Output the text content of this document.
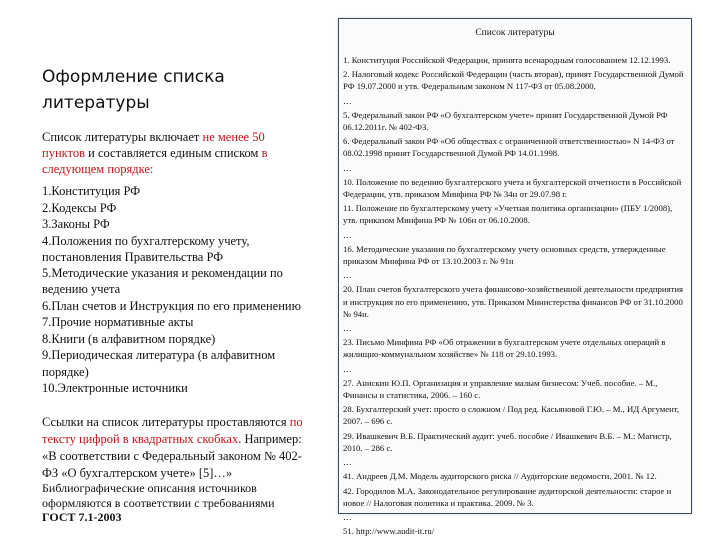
Оформление списка литературы
Список литературы включает не менее 50 пунктов и составляется единым списком в следующем порядке:
1.Конституция РФ
2.Кодексы РФ
3.Законы РФ
4.Положения по бухгалтерскому учету, постановления Правительства РФ
5.Методические указания и рекомендации по ведению учета
6.План счетов и Инструкция по его применению
7.Прочие нормативные акты
8.Книги (в алфавитном порядке)
9.Периодическая литература (в алфавитном порядке)
10.Электронные источники
Ссылки на список литературы проставляются по тексту цифрой в квадратных скобках. Например: «В соответствии с Федеральный законом № 402-ФЗ «О бухгалтерском учете» [5]…»
Библиографические описания источников оформляются в соответствии с требованиями ГОСТ 7.1-2003
Список литературы

1. Конституция Российской Федерации, принята всенародным голосованием 12.12.1993.

2. Налоговый кодекс Российской Федерации (часть вторая), принят Государственной Думой РФ 19.07.2000 и утв. Федеральным законом N 117-ФЗ от 05.08.2000.

…

5. Федеральный закон РФ «О бухгалтерском учете» принят Государственной Думой РФ 06.12.2011г. № 402-ФЗ.

6. Федеральный закон РФ «Об обществах с ограниченной ответственностью» N 14-ФЗ от 08.02.1998 принят Государственной Думой РФ 14.01.1998.

…

10. Положение по ведению бухгалтерского учета и бухгалтерской отчетности в Российской Федерации, утв. приказом Минфина РФ № 34н от 29.07.98 г.

11. Положение по бухгалтерскому учету «Учетная политика организации» (ПБУ 1/2008), утв. приказом Минфина РФ № 106н от 06.10.2008.

…

16. Методические указания по бухгалтерскому учету основных средств, утвержденные приказом Минфина РФ от 13.10.2003 г. № 91н

…

20. План счетов бухгалтерского учета финансово-хозяйственной деятельности предприятия и инструкция по его применению, утв. Приказом Министерства финансов РФ от 31.10.2000 № 94н.

…

23. Письмо Минфина РФ «Об отражении в бухгалтерском учете отдельных операций в жилищно-коммунальном хозяйстве» № 118 от 29.10.1993.

…

27. Анискин Ю.П. Организация и управление малым бизнесом: Учеб. пособие. – М., Финансы и статистика, 2006. – 160 с.

28. Бухгалтерский учет: просто о сложном / Под ред. Касьяновой Г.Ю. – М., ИД Аргумент, 2007. – 696 с.

29. Ивашкевич В.Б. Практический аудит: учеб. пособие / Ивашкевич В.Б. – М.: Магистр, 2010. – 286 с.

…

41. Андреев Д.М. Модель аудиторского риска // Аудиторские ведомости. 2001. № 12.

42. Городилов М.А. Законодательное регулирование аудиторской деятельности: старое и новое // Налоговая политика и практика. 2009. № 3.

…

51. http://www.audit-it.ru/
